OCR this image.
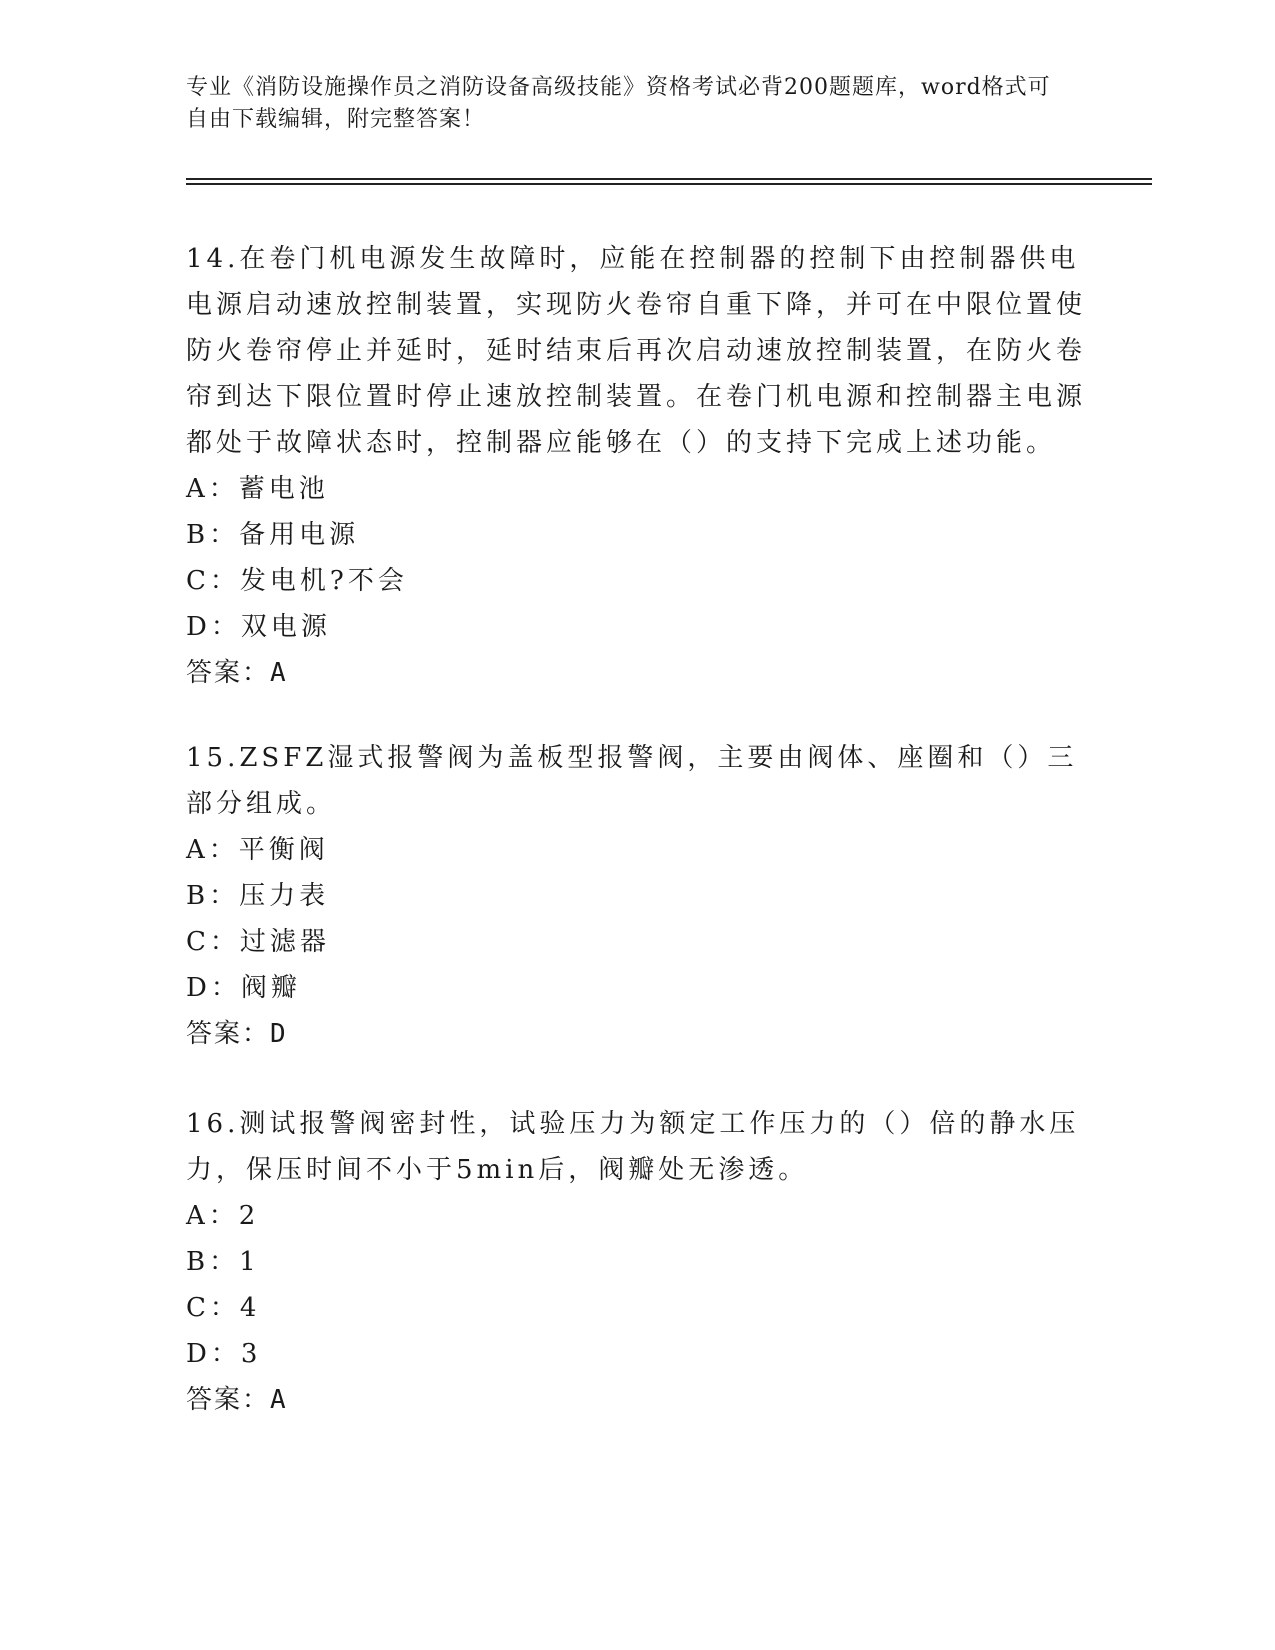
专业《消防设施操作员之消防设备高级技能》资格考试必背200题题库，word格式可自由下载编辑，附完整答案！

14.在卷门机电源发生故障时，应能在控制器的控制下由控制器供电电源启动速放控制装置，实现防火卷帘自重下降，并可在中限位置使防火卷帘停止并延时，延时结束后再次启动速放控制装置，在防火卷帘到达下限位置时停止速放控制装置。在卷门机电源和控制器主电源都处于故障状态时，控制器应能够在（）的支持下完成上述功能。

A：蓄电池

B：备用电源

C：发电机?不会

D：双电源

答案：A

15.ZSFZ湿式报警阀为盖板型报警阀，主要由阀体、座圈和（）三部分组成。

A：平衡阀

B：压力表

C：过滤器

D：阀瓣

答案：D

16.测试报警阀密封性，试验压力为额定工作压力的（）倍的静水压力，保压时间不小于5min后，阀瓣处无渗透。

A：2

B：1

C：4

D：3

答案：A
